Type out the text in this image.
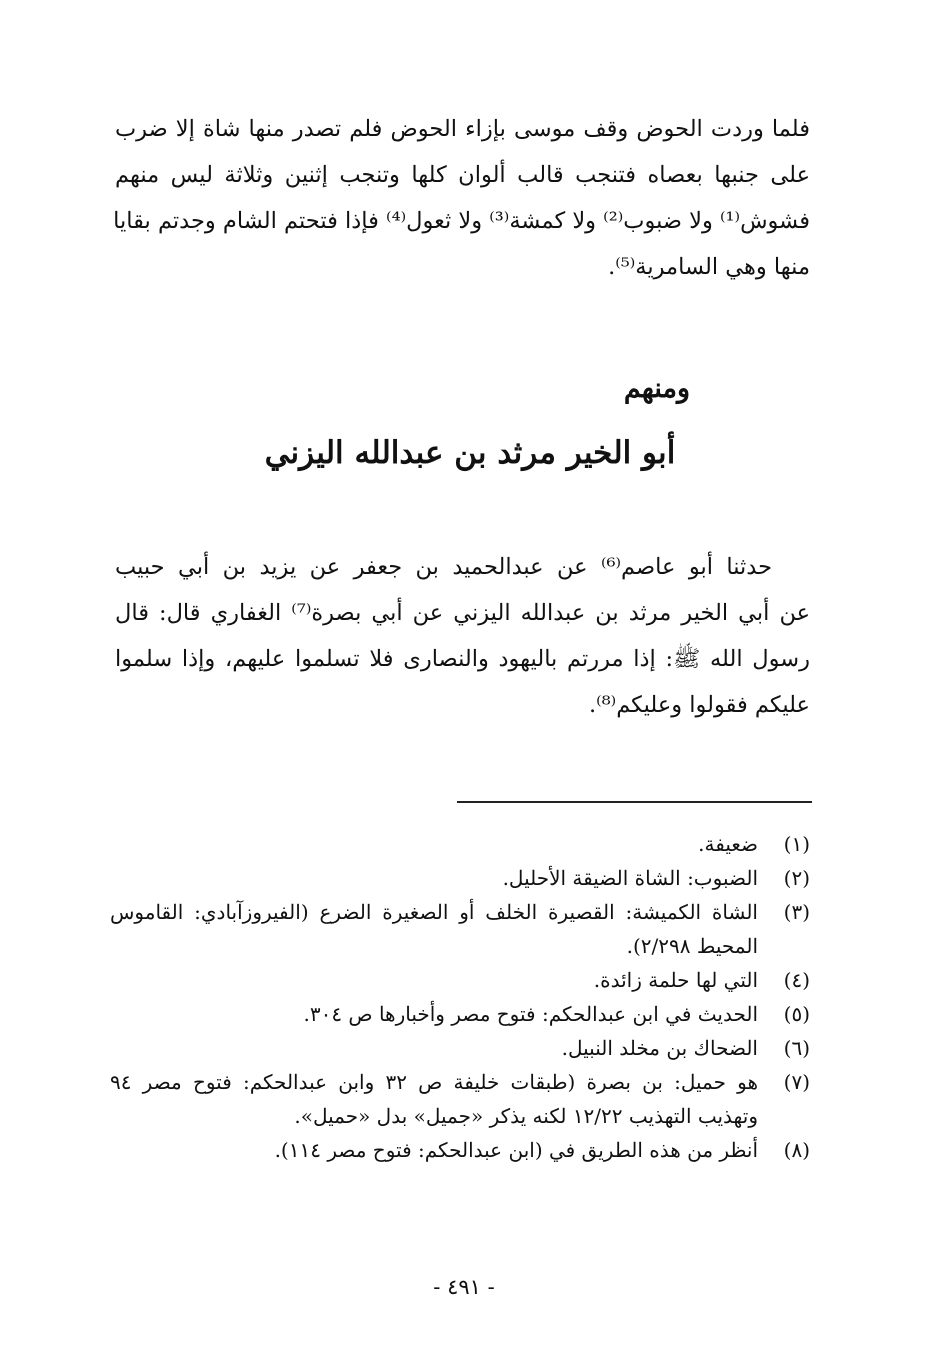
فلما وردت الحوض وقف موسى بإزاء الحوض فلم تصدر منها شاة إلا ضرب
على جنبها بعصاه فتنجب قالب ألوان كلها وتنجب إثنين وثلاثة ليس منهم
فشوش⁽¹⁾ ولا ضبوب⁽²⁾ ولا كمشة⁽³⁾ ولا ثعول⁽⁴⁾ فإذا فتحتم الشام وجدتم بقايا
منها وهي السامرية⁽⁵⁾.
ومنهم
أبو الخير مرثد بن عبدالله اليزني
حدثنا أبو عاصم⁽⁶⁾ عن عبدالحميد بن جعفر عن يزيد بن أبي حبيب
عن أبي الخير مرثد بن عبدالله اليزني عن أبي بصرة⁽⁷⁾ الغفاري قال: قال
رسول الله ﷺ: إذا مررتم باليهود والنصارى فلا تسلموا عليهم، وإذا سلموا
عليكم فقولوا وعليكم⁽⁸⁾.
(١)
ضعيفة.
(٢)
الضبوب: الشاة الضيقة الأحليل.
(٣)
الشاة الكميشة: القصيرة الخلف أو الصغيرة الضرع (الفيروزآبادي: القاموس
المحيط ٢/٢٩٨).
(٤)
التي لها حلمة زائدة.
(٥)
الحديث في ابن عبدالحكم: فتوح مصر وأخبارها ص ٣٠٤.
(٦)
الضحاك بن مخلد النبيل.
(٧)
هو حميل: بن بصرة (طبقات خليفة ص ٣٢ وابن عبدالحكم: فتوح مصر ٩٤
وتهذيب التهذيب ١٢/٢٢ لكنه يذكر «جميل» بدل «حميل».
(٨)
أنظر من هذه الطريق في (ابن عبدالحكم: فتوح مصر ١١٤).
- ٤٩١ -
